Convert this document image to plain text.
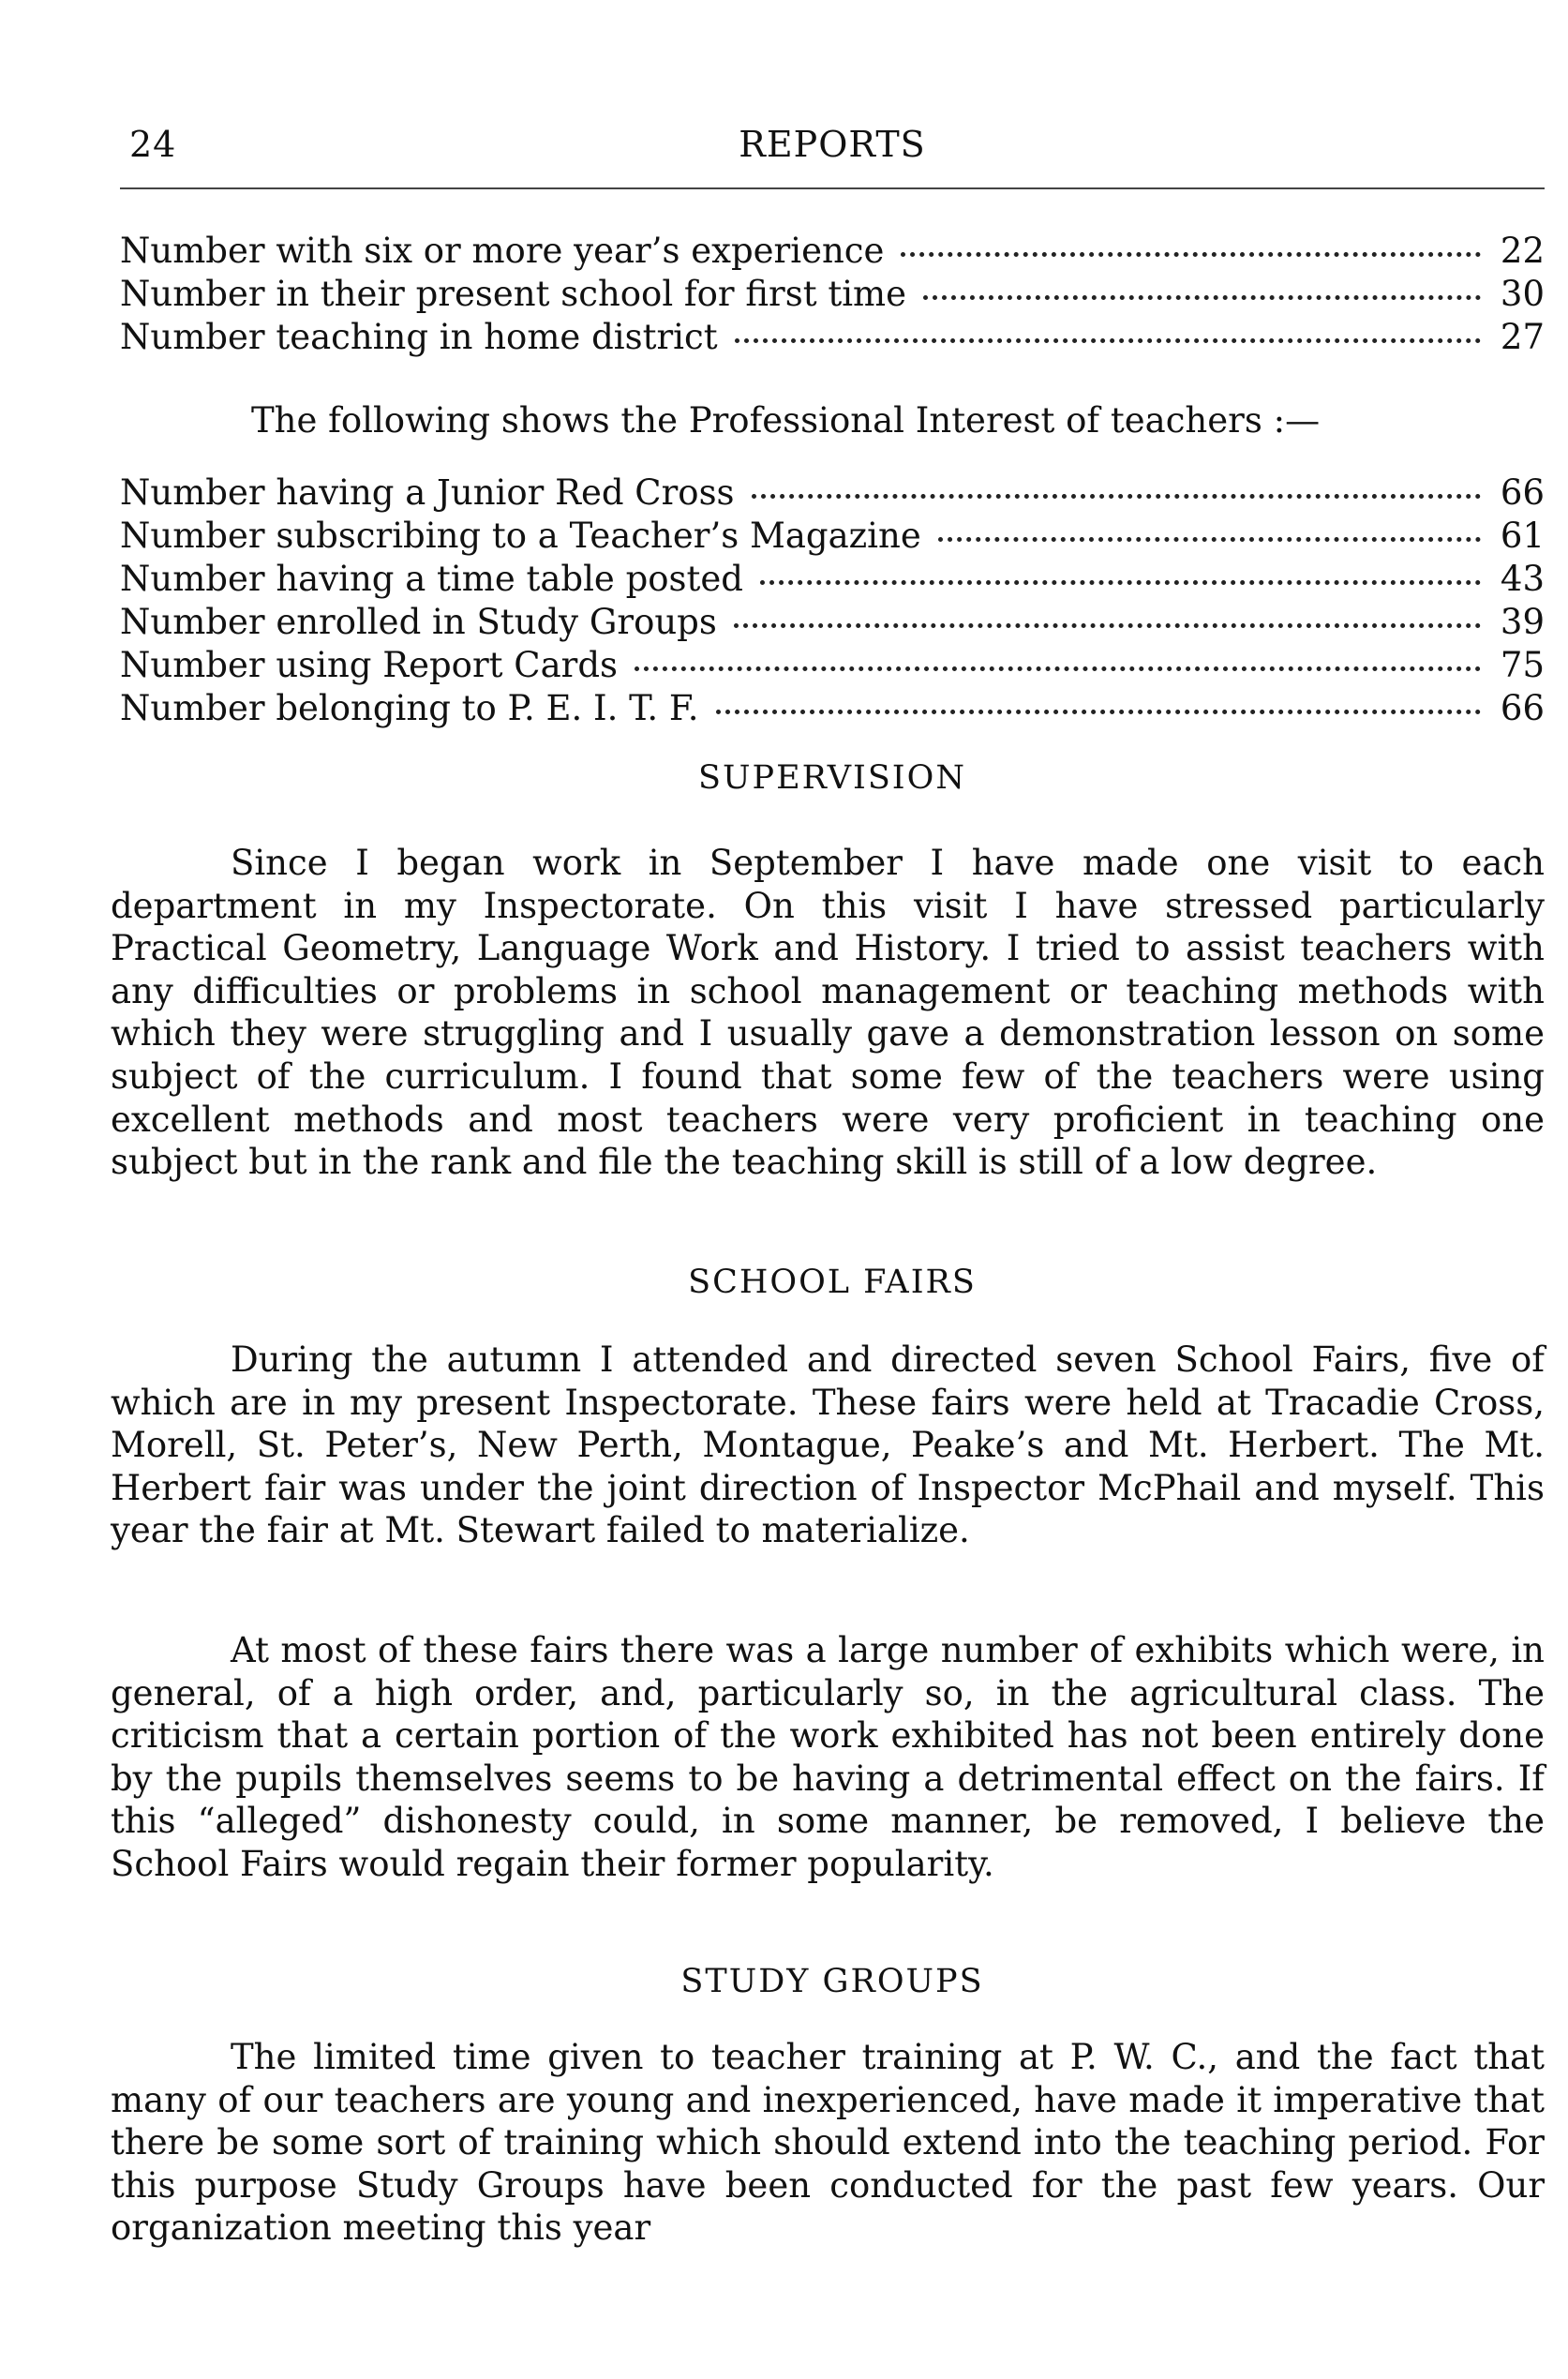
24	REPORTS
Number with six or more year’s experience	22
Number in their present school for first time	30
Number teaching in home district	27
The following shows the Professional Interest of teachers :—
Number having a Junior Red Cross	66
Number subscribing to a Teacher’s Magazine	61
Number having a time table posted	43
Number enrolled in Study Groups	39
Number using Report Cards	75
Number belonging to P. E. I. T. F.	66
SUPERVISION

Since I began work in September I have made one visit to each department in my Inspectorate. On this visit I have stressed particularly Practical Geometry, Language Work and History. I tried to assist teachers with any difficulties or problems in school management or teaching methods with which they were struggling and I usually gave a demonstration lesson on some subject of the curriculum. I found that some few of the teachers were using excellent methods and most teachers were very proficient in teaching one subject but in the rank and file the teaching skill is still of a low degree.

SCHOOL FAIRS

During the autumn I attended and directed seven School Fairs, five of which are in my present Inspectorate. These fairs were held at Tracadie Cross, Morell, St. Peter’s, New Perth, Montague, Peake’s and Mt. Herbert. The Mt. Herbert fair was under the joint direction of Inspector McPhail and myself. This year the fair at Mt. Stewart failed to materialize.

At most of these fairs there was a large number of exhibits which were, in general, of a high order, and, particularly so, in the agricultural class. The criticism that a certain portion of the work exhibited has not been entirely done by the pupils themselves seems to be having a detrimental effect on the fairs. If this “alleged” dishonesty could, in some manner, be removed, I believe the School Fairs would regain their former popularity.

STUDY GROUPS

The limited time given to teacher training at P. W. C., and the fact that many of our teachers are young and inexperienced, have made it imperative that there be some sort of training which should extend into the teaching period. For this purpose Study Groups have been conducted for the past few years. Our organization meeting this year
